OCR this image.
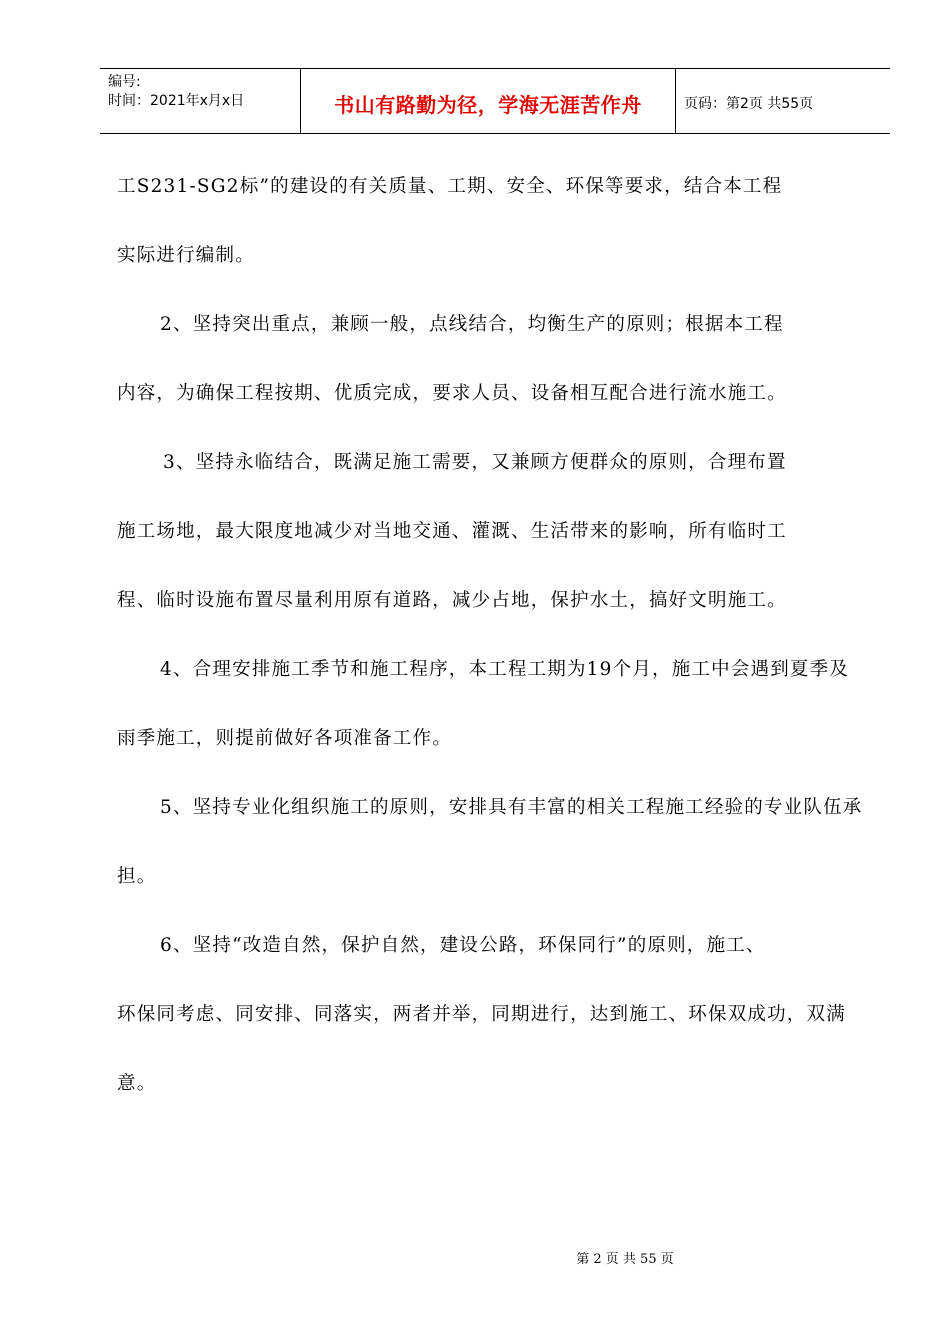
编号:
时间：2021年x月x日	书山有路勤为径，学海无涯苦作舟	页码：第2页 共55页
工S231-SG2标”的建设的有关质量、工期、安全、环保等要求，结合本工程
实际进行编制。
2、坚持突出重点，兼顾一般，点线结合，均衡生产的原则；根据本工程
内容，为确保工程按期、优质完成，要求人员、设备相互配合进行流水施工。
3、坚持永临结合，既满足施工需要，又兼顾方便群众的原则，合理布置
施工场地，最大限度地减少对当地交通、灌溉、生活带来的影响，所有临时工
程、临时设施布置尽量利用原有道路，减少占地，保护水土，搞好文明施工。
4、合理安排施工季节和施工程序，本工程工期为19个月，施工中会遇到夏季及
雨季施工，则提前做好各项准备工作。
5、坚持专业化组织施工的原则，安排具有丰富的相关工程施工经验的专业队伍承
担。
6、坚持“改造自然，保护自然，建设公路，环保同行”的原则，施工、
环保同考虑、同安排、同落实，两者并举，同期进行，达到施工、环保双成功，双满
意。
第 2 页 共 55 页
